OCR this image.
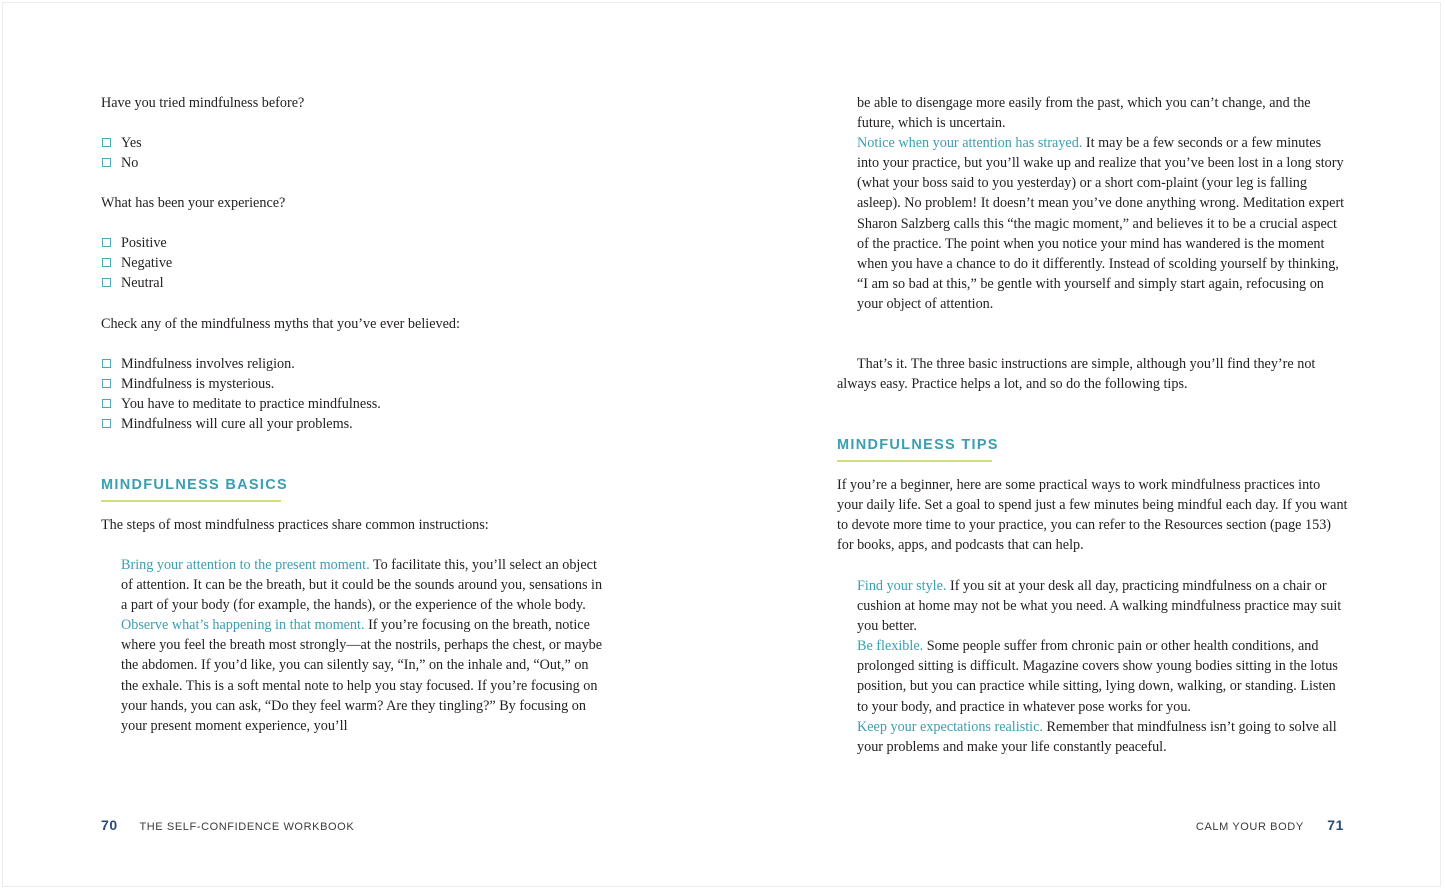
Have you tried mindfulness before?

Yes
No

What has been your experience?

Positive
Negative
Neutral

Check any of the mindfulness myths that you’ve ever believed:

Mindfulness involves religion.
Mindfulness is mysterious.
You have to meditate to practice mindfulness.
Mindfulness will cure all your problems.
MINDFULNESS BASICS

The steps of most mindfulness practices share common instructions:

Bring your attention to the present moment. To facilitate this, you’ll select an object of attention. It can be the breath, but it could be the sounds around you, sensations in a part of your body (for example, the hands), or the experience of the whole body.

Observe what’s happening in that moment. If you’re focusing on the breath, notice where you feel the breath most strongly—at the nostrils, perhaps the chest, or maybe the abdomen. If you’d like, you can silently say, “In,” on the inhale and, “Out,” on the exhale. This is a soft mental note to help you stay focused. If you’re focusing on your hands, you can ask, “Do they feel warm? Are they tingling?” By focusing on your present moment experience, you’ll

70 THE SELF-CONFIDENCE WORKBOOK

be able to disengage more easily from the past, which you can’t change, and the future, which is uncertain.

Notice when your attention has strayed. It may be a few seconds or a few minutes into your practice, but you’ll wake up and realize that you’ve been lost in a long story (what your boss said to you yesterday) or a short com-plaint (your leg is falling asleep). No problem! It doesn’t mean you’ve done anything wrong. Meditation expert Sharon Salzberg calls this “the magic moment,” and believes it to be a crucial aspect of the practice. The point when you notice your mind has wandered is the moment when you have a chance to do it differently. Instead of scolding yourself by thinking, “I am so bad at this,” be gentle with yourself and simply start again, refocusing on your object of attention.

That’s it. The three basic instructions are simple, although you’ll find they’re not always easy. Practice helps a lot, and so do the following tips.

MINDFULNESS TIPS

If you’re a beginner, here are some practical ways to work mindfulness practices into your daily life. Set a goal to spend just a few minutes being mindful each day. If you want to devote more time to your practice, you can refer to the Resources section (page 153) for books, apps, and podcasts that can help.

Find your style. If you sit at your desk all day, practicing mindfulness on a chair or cushion at home may not be what you need. A walking mindfulness practice may suit you better.

Be flexible. Some people suffer from chronic pain or other health conditions, and prolonged sitting is difficult. Magazine covers show young bodies sitting in the lotus position, but you can practice while sitting, lying down, walking, or standing. Listen to your body, and practice in whatever pose works for you.

Keep your expectations realistic. Remember that mindfulness isn’t going to solve all your problems and make your life constantly peaceful.

CALM YOUR BODY 71
